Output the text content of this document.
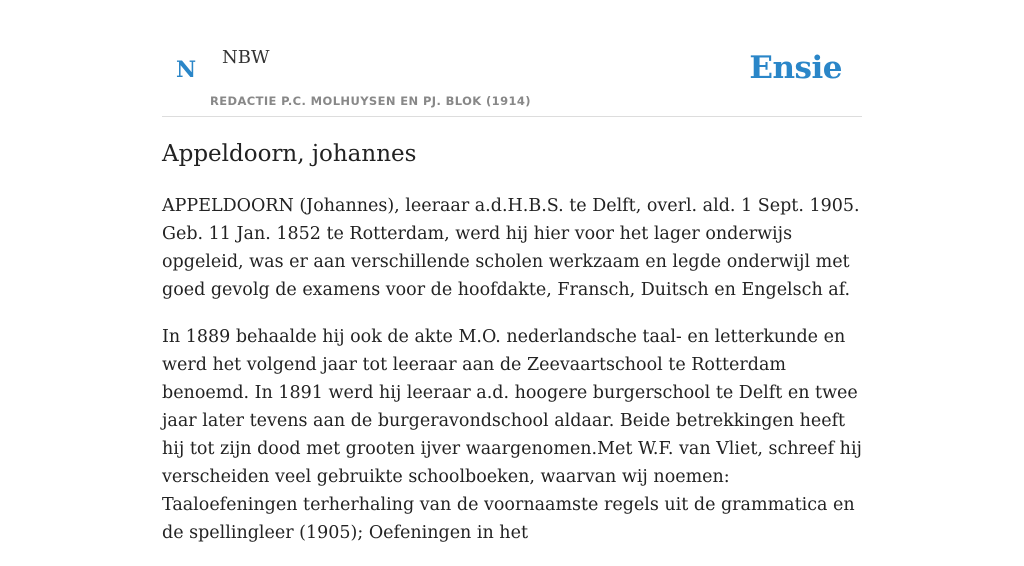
N NBW
REDACTIE P.C. MOLHUYSEN EN PJ. BLOK (1914)
Ensie
Appeldoorn, johannes

APPELDOORN (Johannes), leeraar a.d.H.B.S. te Delft, overl. ald. 1 Sept. 1905. Geb. 11 Jan. 1852 te Rotterdam, werd hij hier voor het lager onderwijs opgeleid, was er aan verschillende scholen werkzaam en legde onderwijl met goed gevolg de examens voor de hoofdakte, Fransch, Duitsch en Engelsch af.

In 1889 behaalde hij ook de akte M.O. nederlandsche taal- en letterkunde en werd het volgend jaar tot leeraar aan de Zeevaartschool te Rotterdam benoemd. In 1891 werd hij leeraar a.d. hoogere burgerschool te Delft en twee jaar later tevens aan de burgeravondschool aldaar. Beide betrekkingen heeft hij tot zijn dood met grooten ijver waargenomen.Met W.F. van Vliet, schreef hij verscheiden veel gebruikte schoolboeken, waarvan wij noemen: Taaloefeningen terherhaling van de voornaamste regels uit de grammatica en de spellingleer (1905); Oefeningen in het
